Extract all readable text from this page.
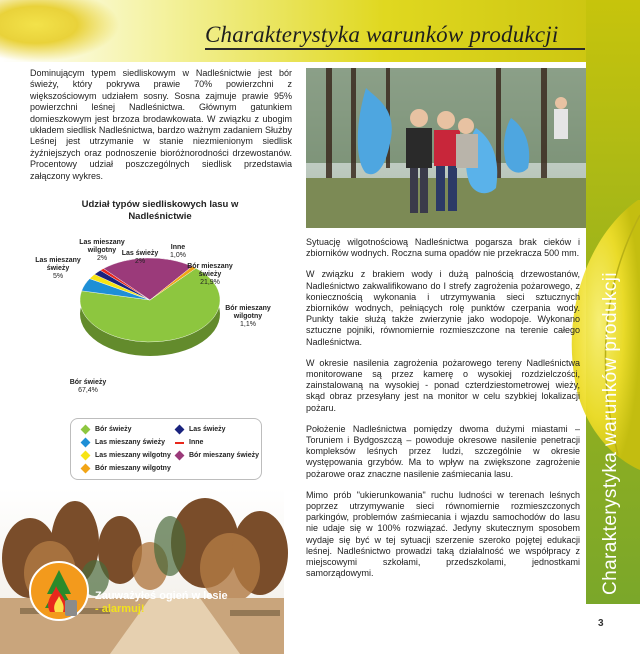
Charakterystyka warunków produkcji
Charakterystyka warunków produkcji
3
Dominującym typem siedliskowym w Nadleśnictwie jest bór świeży, który pokrywa prawie 70% powierzchni z większościowym udziałem sosny. Sosna zajmuje prawie 95% powierzchni leśnej Nadleśnictwa. Głównym gatunkiem domieszkowym jest brzoza brodawkowata. W związku z ubogim układem siedlisk Nadleśnictwa, bardzo ważnym zadaniem Służby Leśnej jest utrzymanie w stanie niezmienionym siedlisk żyźniejszych oraz podnoszenie bioróżnorodności drzewostanów. Procentowy udział poszczególnych siedlisk przedstawia załączony wykres.
Udział typów siedliskowych lasu w Nadleśnictwie
Bór świeży 67,4%
Las mieszany świeży 5%
Las mieszany wilgotny 2%
Las świeży 2%
Inne 1,0%
Bór mieszany świeży 21,9%
Bór mieszany wilgotny 1,1%
Bór świeży	Las świeży
Las mieszany świeży	Inne
Las mieszany wilgotny	Bór mieszany świeży
Bór mieszany wilgotny

Sytuację wilgotnościową Nadleśnictwa pogarsza brak cieków i zbiorników wodnych. Roczna suma opadów nie przekracza 500 mm.

W związku z brakiem wody i dużą palnością drzewostanów, Nadleśnictwo zakwalifikowano do I strefy zagrożenia pożarowego, z koniecznością wykonania i utrzymywania sieci sztucznych zbiorników wodnych, pełniących rolę punktów czerpania wody. Punkty takie służą także zwierzynie jako wodopoje. Wykonano sztuczne pojniki, równomiernie rozmieszczone na terenie całego Nadleśnictwa.

W okresie nasilenia zagrożenia pożarowego tereny Nadleśnictwa monitorowane są przez kamerę o wysokiej rozdzielczości, zainstalowaną na wysokiej - ponad czterdziestometrowej wieży, skąd obraz przesyłany jest na monitor w celu szybkiej lokalizacji pożaru.

Położenie Nadleśnictwa pomiędzy dwoma dużymi miastami – Toruniem i Bydgoszczą – powoduje okresowe nasilenie penetracji kompleksów leśnych przez ludzi, szczególnie w okresie występowania grzybów. Ma to wpływ na zwiększone zagrożenie pożarowe oraz znaczne nasilenie zaśmiecania lasu.

Mimo prób "ukierunkowania" ruchu ludności w terenach leśnych poprzez utrzymywanie sieci równomiernie rozmieszczonych parkingów, problemów zaśmiecania i wjazdu samochodów do lasu nie udaje się w 100% rozwiązać. Jedyny skutecznym sposobem wydaje się być w tej sytuacji szerzenie szeroko pojętej edukacji leśnej. Nadleśnictwo prowadzi taką działalność we współpracy z miejscowymi szkołami, przedszkolami, jednostkami samorządowymi.

Zauważyłeś ogień w lesie
- alarmuj!
